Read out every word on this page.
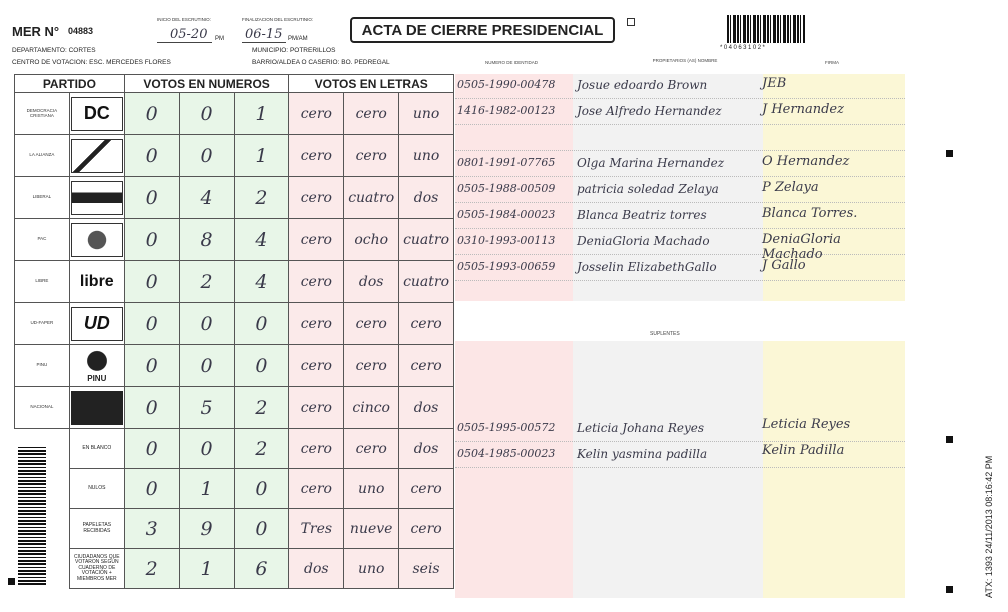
MER N° 04883
INICIO DEL ESCRUTINIO:
05-20 PM
FINALIZACION DEL ESCRUTINIO:
06-15 PM/AM
DEPARTAMENTO: CORTES	MUNICIPIO: POTRERILLOS
CENTRO DE VOTACION: ESC. MERCEDES FLORES	BARRIO/ALDEA O CASERIO: BO. PEDREGAL
ACTA DE CIERRE PRESIDENCIAL
*04063102*
PARTIDO		VOTOS EN NUMEROS			VOTOS EN LETRAS		
DEMOCRACIA CRISTIANA	DC	0	0	1	cero	cero	uno
LA ALIANZA		0	0	1	cero	cero	uno
LIBERAL		0	4	2	cero	cuatro	dos
PAC		0	8	4	cero	ocho	cuatro
LIBRE	libre	0	2	4	cero	dos	cuatro
UD-FAPER	UD	0	0	0	cero	cero	cero
PINU	PINU	0	0	0	cero	cero	cero
NACIONAL		0	5	2	cero	cinco	dos
	EN BLANCO	0	0	2	cero	cero	dos
	NULOS	0	1	0	cero	uno	cero
	PAPELETAS RECIBIDAS	3	9	0	Tres	nueve	cero
	CIUDADANOS QUE VOTARON SEGÚN CUADERNO DE VOTACIÓN + MIEMBROS MER	2	1	6	dos	uno	seis
NUMERO DE IDENTIDAD	PROPIETARIOS (AS) NOMBRE	FIRMA
0505-1990-00478 Josue edoardo Brown	JEB
1416-1982-00123 Jose Alfredo Hernandez	J Hernandez
0801-1991-07765 Olga Marina Hernandez	O Hernandez
0505-1988-00509 patricia soledad Zelaya	P Zelaya
0505-1984-00023 Blanca Beatriz torres	Blanca Torres.
0310-1993-00113 DeniaGloria Machado	DeniaGloria Machado
0505-1993-00659 Josselin ElizabethGallo	J Gallo
SUPLENTES
0505-1995-00572 Leticia Johana Reyes	Leticia Reyes
0504-1985-00023 Kelin yasmina padilla	Kelin Padilla
ATX: 1393 24/11/2013 08:16:42 PM
